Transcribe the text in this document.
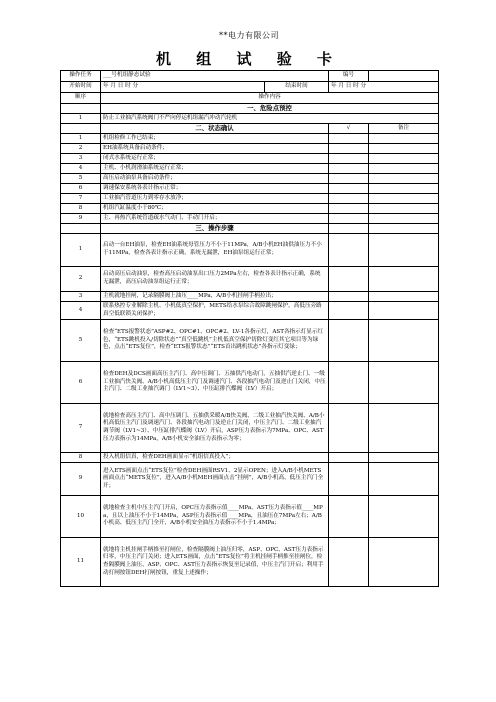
**电力有限公司
机 组 试 验 卡
操作任务	___号机组静态试验		编号	
开始时间	年 月 日 时 分	结束时间	年 月 日 时 分	
顺序	操作内容			
	一、危险点预控			
1	防止工业抽汽系统阀门不严向停运机组漏汽冲动汽轮机			
	二、状态确认		√	备注
1	机组检修工作已结束；			
2	EH油系统具备启动条件；			
3	闭式水系统运行正常；			
4	主机、小机润滑油系统运行正常；			
5	高压启动油泵具备启动条件；			
6	调速保安系统各表计指示正常；			
7	工业抽汽管道压力到零存水放净；			
8	机组汽缸温度小于80℃；			
9	主、再热汽系统管道疏水气动门、手动门开启；			
	三、操作步骤			
1	启动一台EH油泵，检查EH油系统母管压力不小于11MPa，A/B小机EH油供油压力不小于11MPa，检查各表计指示正确，系统无漏泄，EH油泵组运行正常；			
2	启动高压启动油泵，检查高压启动油泵出口压力2MPa左右，检查各表计指示正确，系统无漏泄，高压启动油泵组运行正常；			
3	主机就地挂闸，记录隔膜阀上油压____MPa，A/B小机挂闸手柄拉出；			
4	联系热控专业解除主机、小机低真空保护，METS给水泵综合故障跳闸保护，高低压旁路真空低联锁关闭保护；			
5	检查“ETS报警状态”ASP#2、OPC#1、OPC#2、LV-1各指示灯，AST各指示灯显示红色，“ETS跳机投入/切除状态”“真空低跳机”主机低真空保护切除灯变红其它项目等为绿色，点击“ETS复位”，检查“ETS报警状态”“ETS首出跳机状态”各指示灯变绿；			
6	检查DEH及DCS画面高压主汽门、高中压调门、五抽供汽电动门，五抽供汽逆止门、一级工业抽汽快关阀、A/B小机高低压主汽门及调速汽门、各段抽汽电动门及逆止门关闭，中压主汽门、二级工业抽汽调门（LV1~3）、中压缸排汽蝶阀（LV）开启；			
7	就地检查高压主汽门、高中压调门、五抽供采暖A/B快关阀、二级工业抽汽快关阀、A/B小机高低压主汽门及调速汽门、各段抽汽电动门及逆止门关闭，中压主汽门、二级工业抽汽调节阀（LV1~3）、中压缸排汽蝶阀（LV）开启，ASP压力表指示为7MPa、OPC、AST压力表指示为14MPa，A/B小机安全油压力表指示为零；			
8	投入机组信真，检查DEH画面显示“机组信真投入”；			
9	进入ETS画面点击“ETS复位”检查DEH画面RSV1、2显示OPEN；进入A/B小机METS画面点击“METS复位”，进入A/B小机MEH画面点击“挂闸”，A/B小机高、低压主汽门全开；			
10	就地检查主机中压主汽门开启，OPC压力表指示值____MPa，AST压力表指示值____MPa，且以上油压不小于14MPa，ASP压力表指示值____MPa，且油压在7MPa左右；A/B小机高、低压主汽门全开，A/B小机安全油压力表指示不小于1.4MPa；			
11	就地将主机挂闸手柄推至打闸位，检查隔膜阀上油压归零，ASP、OPC、AST压力表指示归零，中压主汽门关闭；进入ETS画面，点击“ETS复位”将主机挂闸手柄推至挂闸位，检查隔膜阀上油压、ASP、OPC、AST压力表指示恢复至记录值，中压主汽门开启；利用手动打闸按钮DEH打闸按钮，重复上述操作；			
